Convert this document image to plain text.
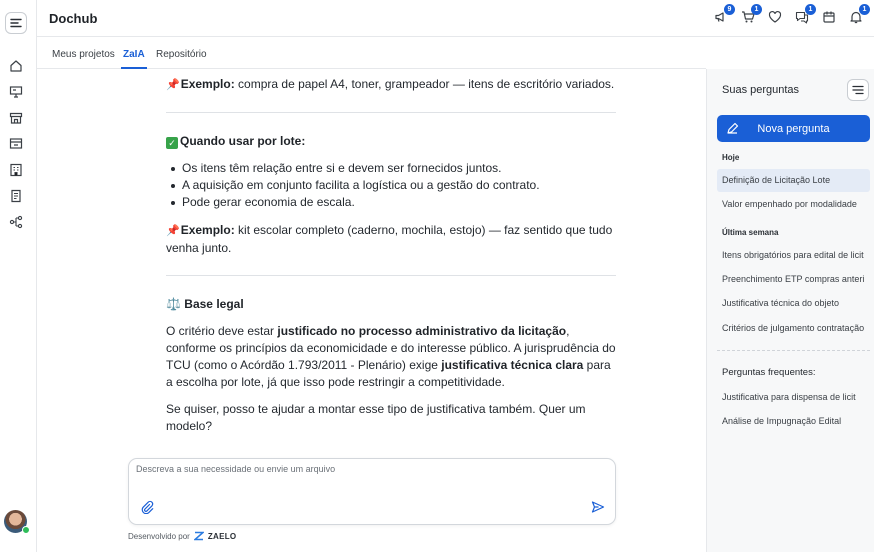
Dochub
9	1	1	1
Meus projetos ZaIA Repositório

📌Exemplo: compra de papel A4, toner, grampeador — itens de escritório variados.

✓ Quando usar por lote:

Os itens têm relação entre si e devem ser fornecidos juntos.
A aquisição em conjunto facilita a logística ou a gestão do contrato.
Pode gerar economia de escala.

📌Exemplo: kit escolar completo (caderno, mochila, estojo) — faz sentido que tudo venha junto.

⚖️ Base legal

O critério deve estar justificado no processo administrativo da licitação, conforme os princípios da economicidade e do interesse público. A jurisprudência do TCU (como o Acórdão 1.793/2011 - Plenário) exige justificativa técnica clara para a escolha por lote, já que isso pode restringir a competitividade.

Se quiser, posso te ajudar a montar esse tipo de justificativa também. Quer um modelo?

Descreva a sua necessidade ou envie um arquivo
Desenvolvido por ZAELO
Suas perguntas
Nova pergunta
Hoje
Definição de Licitação Lote
Valor empenhado por modalidade
Última semana
Itens obrigatórios para edital de licit
Preenchimento ETP compras anteri
Justificativa técnica do objeto
Critérios de julgamento contratação
Perguntas frequentes:
Justificativa para dispensa de licit
Análise de Impugnação Edital
